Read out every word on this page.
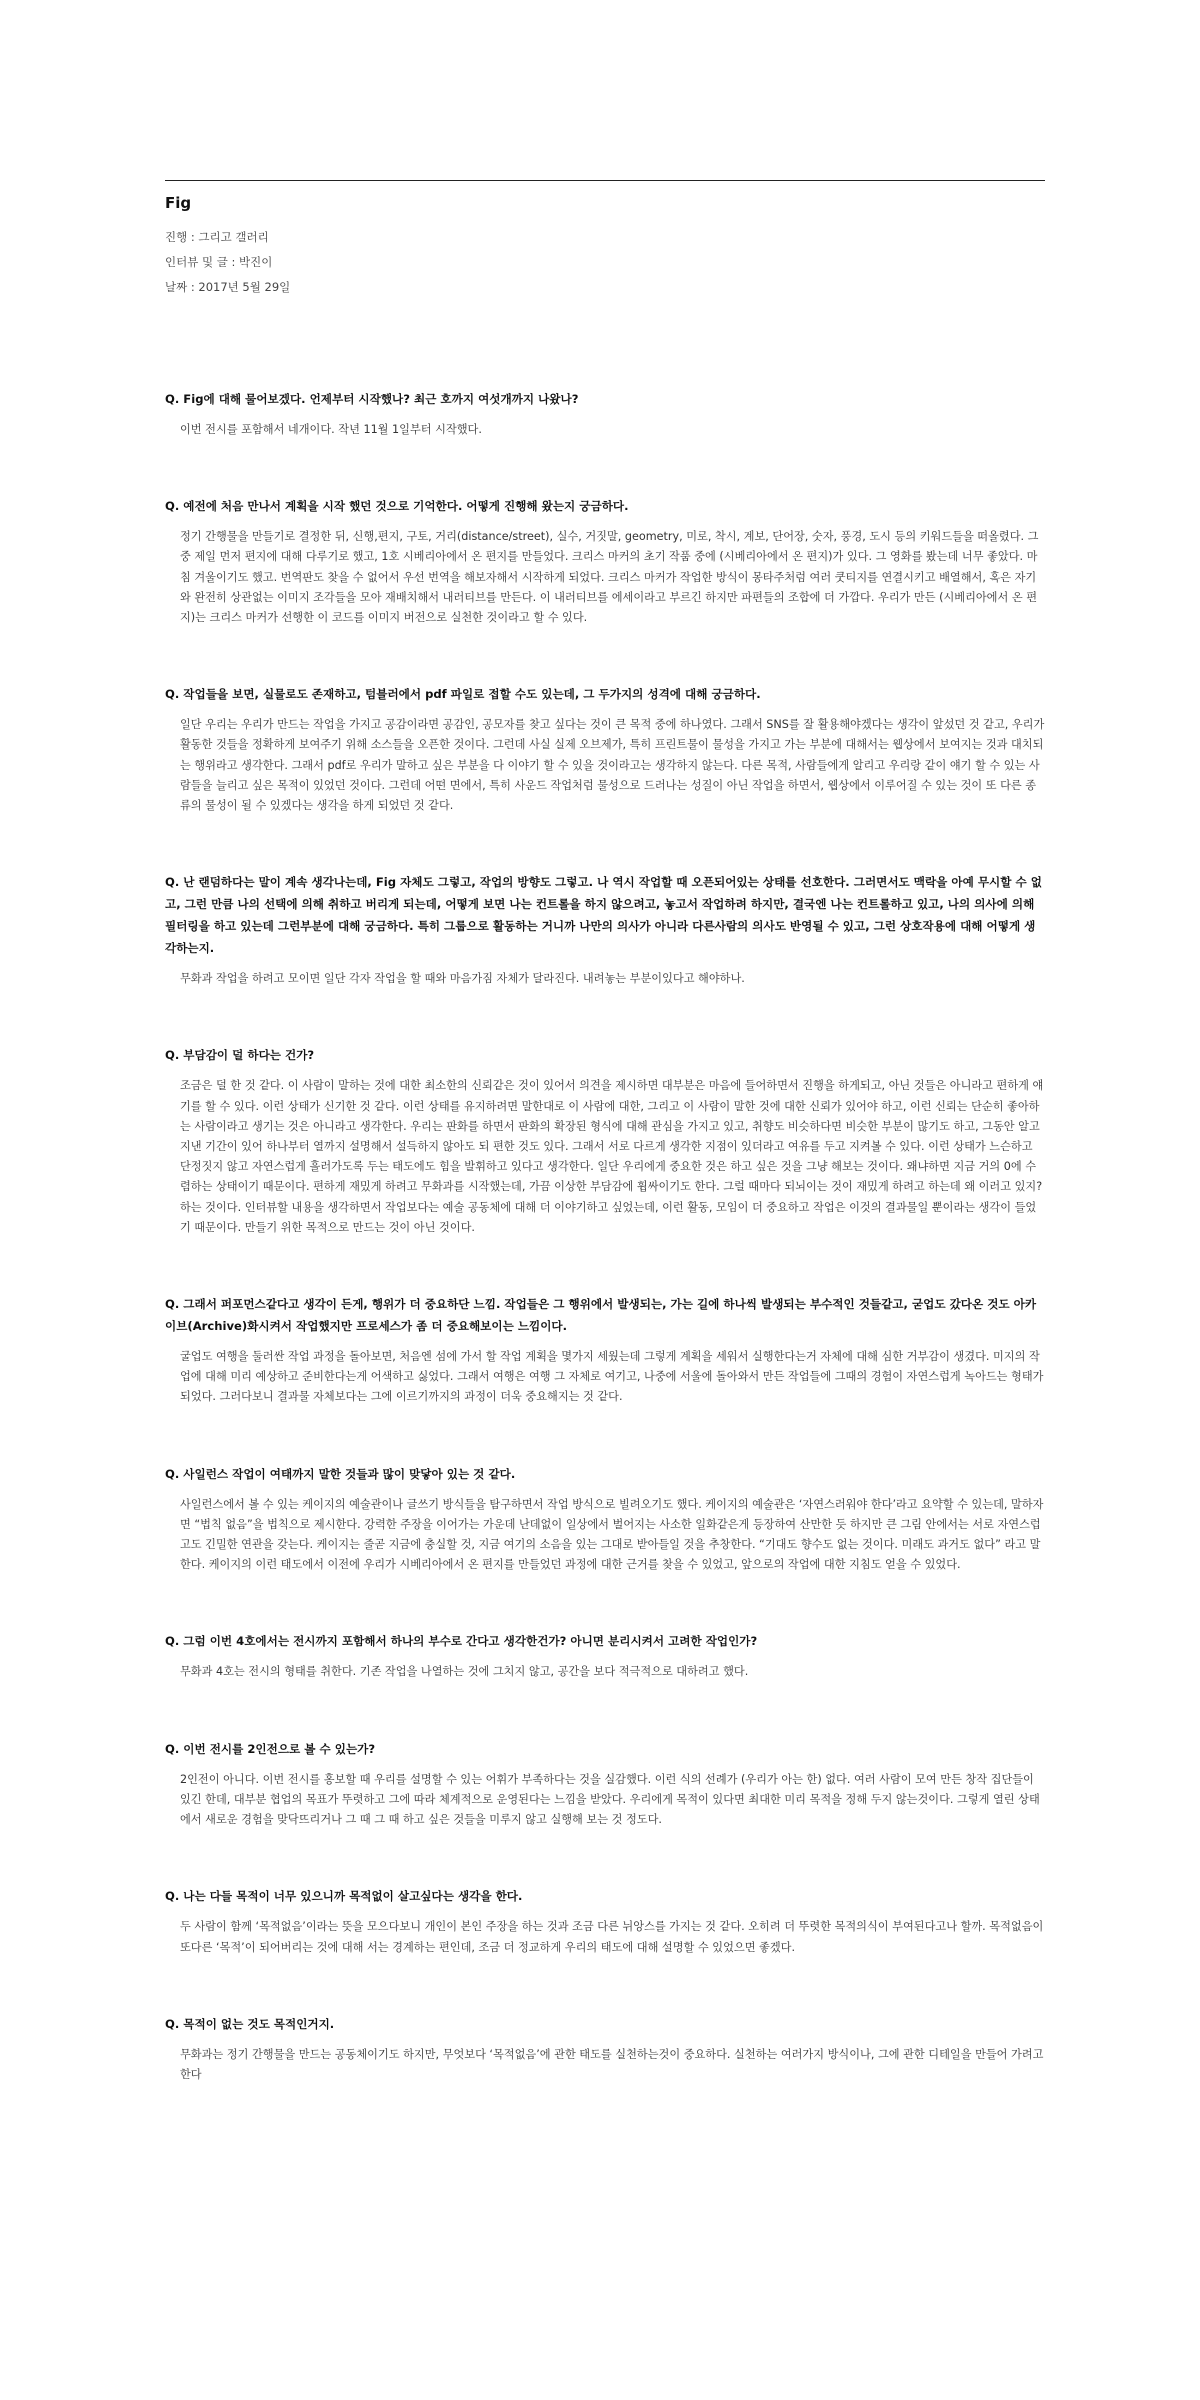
Fig
진행 : 그리고 갤러리
인터뷰 및 글 : 박진이
날짜 : 2017년 5월 29일
Q. Fig에 대해 물어보겠다. 언제부터 시작했나? 최근 호까지 여섯개까지 나왔나?
이번 전시를 포함해서 네개이다. 작년 11월 1일부터 시작했다.
Q. 예전에 처음 만나서 계획을 시작 했던 것으로 기억한다. 어떻게 진행해 왔는지 궁금하다.
정기 간행물을 만들기로 결정한 뒤, 신행,편지, 구토, 거리(distance/street), 실수, 거짓말, geometry, 미로, 착시, 계보, 단어장, 숫자, 풍경, 도시 등의 키워드들을 떠올렸다. 그중 제일 먼저 편지에 대해 다루기로 했고, 1호 시베리아에서 온 편지를 만들었다. 크리스 마커의 초기 작품 중에 (시베리아에서 온 편지)가 있다. 그 영화를 봤는데 너무 좋았다. 마침 겨울이기도 했고. 번역판도 찾을 수 없어서 우선 번역을 해보자해서 시작하게 되었다. 크리스 마커가 작업한 방식이 몽타주처럼 여러 쿳티지를 연결시키고 배열해서, 혹은 자기와 완전히 상관없는 이미지 조각들을 모아 재배치해서 내러티브를 만든다. 이 내러티브를 에세이라고 부르긴 하지만 파편들의 조합에 더 가깝다. 우리가 만든 (시베리아에서 온 편지)는 크리스 마커가 선행한 이 코드를 이미지 버전으로 실천한 것이라고 할 수 있다.
Q. 작업들을 보면, 실물로도 존재하고, 텀블러에서 pdf 파일로 접할 수도 있는데, 그 두가지의 성격에 대해 궁금하다.
일단 우리는 우리가 만드는 작업을 가지고 공감이라면 공감인, 공모자를 찾고 싶다는 것이 큰 목적 중에 하나였다. 그래서 SNS를 잘 활용해야겠다는 생각이 앞섰던 것 같고, 우리가 활동한 것들을 정확하게 보여주기 위해 소스들을 오픈한 것이다. 그런데 사실 실제 오브제가, 특히 프린트물이 물성을 가지고 가는 부분에 대해서는 웹상에서 보여지는 것과 대치되는 행위라고 생각한다. 그래서 pdf로 우리가 말하고 싶은 부분을 다 이야기 할 수 있을 것이라고는 생각하지 않는다. 다른 목적, 사람들에게 알리고 우리랑 같이 얘기 할 수 있는 사람들을 늘리고 싶은 목적이 있었던 것이다. 그런데 어떤 면에서, 특히 사운드 작업처럼 물성으로 드러나는 성질이 아닌 작업을 하면서, 웹상에서 이루어질 수 있는 것이 또 다른 종류의 물성이 될 수 있겠다는 생각을 하게 되었던 것 같다.
Q. 난 랜덤하다는 말이 계속 생각나는데, Fig 자체도 그렇고, 작업의 방향도 그렇고. 나 역시 작업할 때 오픈되어있는 상태를 선호한다. 그러면서도 맥락을 아예 무시할 수 없고, 그런 만큼 나의 선택에 의해 취하고 버리게 되는데, 어떻게 보면 나는 컨트롤을 하지 않으려고, 놓고서 작업하려 하지만, 결국엔 나는 컨트롤하고 있고, 나의 의사에 의해 필터링을 하고 있는데 그런부분에 대해 궁금하다. 특히 그룹으로 활동하는 거니까 나만의 의사가 아니라 다른사람의 의사도 반영될 수 있고, 그런 상호작용에 대해 어떻게 생각하는지.
무화과 작업을 하려고 모이면 일단 각자 작업을 할 때와 마음가짐 자체가 달라진다. 내려놓는 부분이있다고 해야하나.
Q. 부담감이 덜 하다는 건가?
조금은 덜 한 것 같다. 이 사람이 말하는 것에 대한 최소한의 신뢰같은 것이 있어서 의견을 제시하면 대부분은 마음에 들어하면서 진행을 하게되고, 아닌 것들은 아니라고 편하게 얘기를 할 수 있다. 이런 상태가 신기한 것 같다. 이런 상태를 유지하려면 말한대로 이 사람에 대한, 그리고 이 사람이 말한 것에 대한 신뢰가 있어야 하고, 이런 신뢰는 단순히 좋아하는 사람이라고 생기는 것은 아니라고 생각한다. 우리는 판화를 하면서 판화의 확장된 형식에 대해 관심을 가지고 있고, 취향도 비슷하다면 비슷한 부분이 많기도 하고, 그동안 알고 지낸 기간이 있어 하나부터 열까지 설명해서 설득하지 않아도 되 편한 것도 있다. 그래서 서로 다르게 생각한 지점이 있더라고 여유를 두고 지켜볼 수 있다. 이런 상태가 느슨하고 단정짓지 않고 자연스럽게 흘러가도록 두는 태도에도 힘을 발휘하고 있다고 생각한다. 일단 우리에게 중요한 것은 하고 싶은 것을 그냥 해보는 것이다. 왜냐하면 지금 거의 0에 수렴하는 상태이기 때문이다. 편하게 재밌게 하려고 무화과를 시작했는데, 가끔 이상한 부담감에 휩싸이기도 한다. 그럴 때마다 되뇌이는 것이 재밌게 하려고 하는데 왜 이러고 있지? 하는 것이다. 인터뷰할 내용을 생각하면서 작업보다는 예술 공동체에 대해 더 이야기하고 싶었는데, 이런 활동, 모임이 더 중요하고 작업은 이것의 결과물일 뿐이라는 생각이 들었기 때문이다. 만들기 위한 목적으로 만드는 것이 아닌 것이다.
Q. 그래서 퍼포먼스같다고 생각이 든게, 행위가 더 중요하단 느낌. 작업들은 그 행위에서 발생되는, 가는 길에 하나씩 발생되는 부수적인 것들같고, 굳업도 갔다온 것도 아카이브(Archive)화시켜서 작업했지만 프로세스가 좀 더 중요해보이는 느낌이다.
굴업도 여행을 둘러싼 작업 과정을 돌아보면, 처음엔 섬에 가서 할 작업 계획을 몇가지 세웠는데 그렇게 계획을 세워서 실행한다는거 자체에 대해 심한 거부감이 생겼다. 미지의 작업에 대해 미리 예상하고 준비한다는게 어색하고 싫었다. 그래서 여행은 여행 그 자체로 여기고, 나중에 서울에 돌아와서 만든 작업들에 그때의 경험이 자연스럽게 녹아드는 형태가 되었다. 그러다보니 결과물 자체보다는 그에 이르기까지의 과정이 더욱 중요해지는 것 같다.
Q. 사일런스 작업이 여태까지 말한 것들과 많이 맞닿아 있는 것 같다.
사일런스에서 볼 수 있는 케이지의 예술관이나 글쓰기 방식들을 탐구하면서 작업 방식으로 빌려오기도 했다. 케이지의 예술관은 ‘자연스러워야 한다’라고 요약할 수 있는데, 말하자면 “법칙 없음”을 법칙으로 제시한다. 강력한 주장을 이어가는 가운데 난데없이 일상에서 벌어지는 사소한 일화같은게 등장하여 산만한 듯 하지만 큰 그림 안에서는 서로 자연스럽고도 긴밀한 연관을 갖는다. 케이지는 줄곧 지금에 충실할 것, 지금 여기의 소음을 있는 그대로 받아들일 것을 추창한다. “기대도 향수도 없는 것이다. 미래도 과거도 없다” 라고 말한다. 케이지의 이런 태도에서 이전에 우리가 시베리아에서 온 편지를 만들었던 과정에 대한 근거를 찾을 수 있었고, 앞으로의 작업에 대한 지침도 얻을 수 있었다.
Q. 그럼 이번 4호에서는 전시까지 포함해서 하나의 부수로 간다고 생각한건가? 아니면 분리시켜서 고려한 작업인가?
무화과 4호는 전시의 형태를 취한다. 기존 작업을 나열하는 것에 그치지 않고, 공간을 보다 적극적으로 대하려고 했다.
Q. 이번 전시를 2인전으로 볼 수 있는가?
2인전이 아니다. 이번 전시를 홍보할 때 우리를 설명할 수 있는 어휘가 부족하다는 것을 실감했다. 이런 식의 선례가 (우리가 아는 한) 없다. 여러 사람이 모여 만든 창작 집단들이 있긴 한데, 대부분 협업의 목표가 뚜렷하고 그에 따라 체계적으로 운영된다는 느낌을 받았다. 우리에게 목적이 있다면 최대한 미리 목적을 정해 두지 않는것이다. 그렇게 열린 상태에서 새로운 경험을 맞닥뜨리거나 그 때 그 때 하고 싶은 것들을 미루지 않고 실행해 보는 것 정도다.
Q. 나는 다들 목적이 너무 있으니까 목적없이 살고싶다는 생각을 한다.
두 사람이 함께 ‘목적없음’이라는 뜻을 모으다보니 개인이 본인 주장을 하는 것과 조금 다른 뉘앙스를 가지는 것 같다. 오히려 더 뚜렷한 목적의식이 부여된다고나 할까. 목적없음이 또다른 ‘목적’이 되어버리는 것에 대해 서는 경계하는 편인데, 조금 더 정교하게 우리의 태도에 대해 설명할 수 있었으면 좋겠다.
Q. 목적이 없는 것도 목적인거지.
무화과는 정기 간행물을 만드는 공동체이기도 하지만, 무엇보다 ‘목적없음’에 관한 태도를 실천하는것이 중요하다. 실천하는 여러가지 방식이나, 그에 관한 디테일을 만들어 가려고 한다
